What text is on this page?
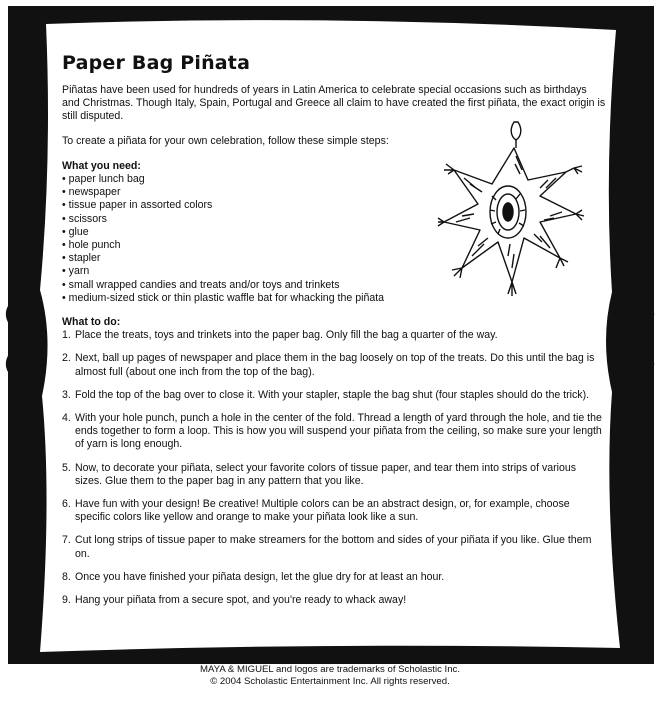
Paper Bag Piñata

Piñatas have been used for hundreds of years in Latin America to celebrate special occasions such as birthdays and Christmas. Though Italy, Spain, Portugal and Greece all claim to have created the first piñata, the exact origin is still disputed.

To create a piñata for your own celebration, follow these simple steps:

What you need:

• paper lunch bag
• newspaper
• tissue paper in assorted colors
• scissors
• glue
• hole punch
• stapler
• yarn
• small wrapped candies and treats and/or toys and trinkets
• medium-sized stick or thin plastic waffle bat for whacking the piñata

What to do:

1. Place the treats, toys and trinkets into the paper bag. Only fill the bag a quarter of the way.
2. Next, ball up pages of newspaper and place them in the bag loosely on top of the treats. Do this until the bag is almost full (about one inch from the top of the bag).
3. Fold the top of the bag over to close it. With your stapler, staple the bag shut (four staples should do the trick).
4. With your hole punch, punch a hole in the center of the fold. Thread a length of yard through the hole, and tie the ends together to form a loop. This is how you will suspend your piñata from the ceiling, so make sure your length of yarn is long enough.
5. Now, to decorate your piñata, select your favorite colors of tissue paper, and tear them into strips of various sizes. Glue them to the paper bag in any pattern that you like.
6. Have fun with your design! Be creative! Multiple colors can be an abstract design, or, for example, choose specific colors like yellow and orange to make your piñata look like a sun.
7. Cut long strips of tissue paper to make streamers for the bottom and sides of your piñata if you like. Glue them on.
8. Once you have finished your piñata design, let the glue dry for at least an hour.
9. Hang your piñata from a secure spot, and you're ready to whack away!
MAYA & MIGUEL and logos are trademarks of Scholastic Inc.
© 2004 Scholastic Entertainment Inc. All rights reserved.
